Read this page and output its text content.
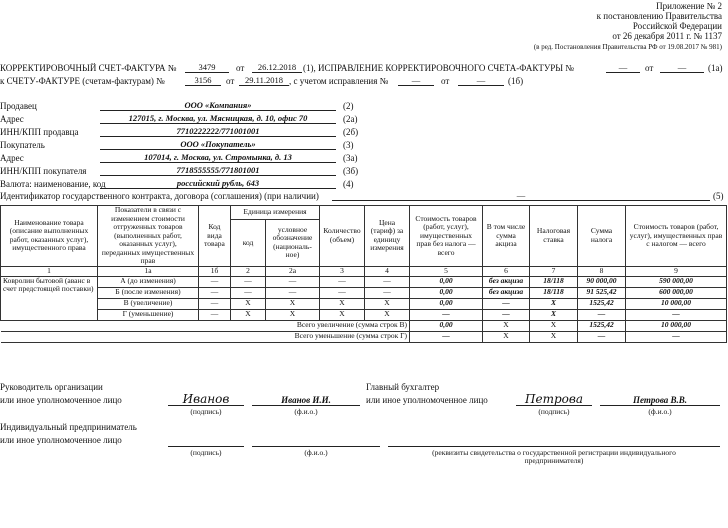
Приложение № 2
к постановлению Правительства
Российской Федерации
от 26 декабря 2011 г. № 1137
(в ред. Постановления Правительства РФ от 19.08.2017 № 981)
КОРРЕКТИРОВОЧНЫЙ СЧЕТ-ФАКТУРА №	3479	от	26.12.2018 (1), ИСПРАВЛЕНИЕ КОРРЕКТИРОВОЧНОГО СЧЕТА-ФАКТУРЫ №	—	от	—	(1а)
к СЧЕТУ-ФАКТУРЕ (счетам-фактурам) №	3156	от	29.11.2018 , с учетом исправления №	—	от	—	(1б)
Продавец	ООО «Компания»	(2)
Адрес	127015, г. Москва, ул. Мясницкая, д. 10, офис 70	(2а)
ИНН/КПП продавца	7710222222/771001001	(2б)
Покупатель	ООО «Покупатель»	(3)
Адрес	107014, г. Москва, ул. Стромынка, д. 13	(3а)
ИНН/КПП покупателя	7718555555/771801001	(3б)
Валюта: наименование, код	российский рубль, 643	(4)
Идентификатор государственного контракта, договора (соглашения) (при наличии)	—	(5)
Наименование товара (описание выполненных работ, оказанных услуг), имущественного права	Показатели в связи с изменением стоимости отгруженных товаров (выполненных работ, оказанных услуг), переданных имущественных прав	Код вида товара	Единица измерения		Количество (объем)	Цена (тариф) за единицу измерения	Стоимость товаров (работ, услуг), имущественных прав без налога — всего	В том числе сумма акциза	Налоговая ставка	Сумма налога	Стоимость товаров (работ, услуг), имущественных прав с налогом — всего
			код	условное обозначение (националь-ное)							
1	1а	1б	2	2а	3	4	5	6	7	8	9
Ковролин бытовой (аванс в счет предстоящей поставки)	А (до изменения)	—	—	—	—	—	0,00	без акциза	18/118	90 000,00	590 000,00
	Б (после изменения)	—	—	—	—	—	0,00	без акциза	18/118	91 525,42	600 000,00
	В (увеличение)	—	X	X	X	X	0,00	—	X	1525,42	10 000,00
	Г (уменьшение)	—	X	X	X	X	—	—	X	—	—
Всего увеличение (сумма строк В)							0,00	X	X	1525,42	10 000,00
Всего уменьшение (сумма строк Г)							—	X	X	—	—
Руководитель организации
или иное уполномоченное лицо	Иванов	Иванов И.И.
(подпись)	(ф.и.о.)
Главный бухгалтер
или иное уполномоченное лицо	Петрова	Петрова В.В.
(подпись)	(ф.и.о.)
Индивидуальный предприниматель
или иное уполномоченное лицо
(подпись)	(ф.и.о.)	(реквизиты свидетельства о государственной регистрации индивидуального предпринимателя)
